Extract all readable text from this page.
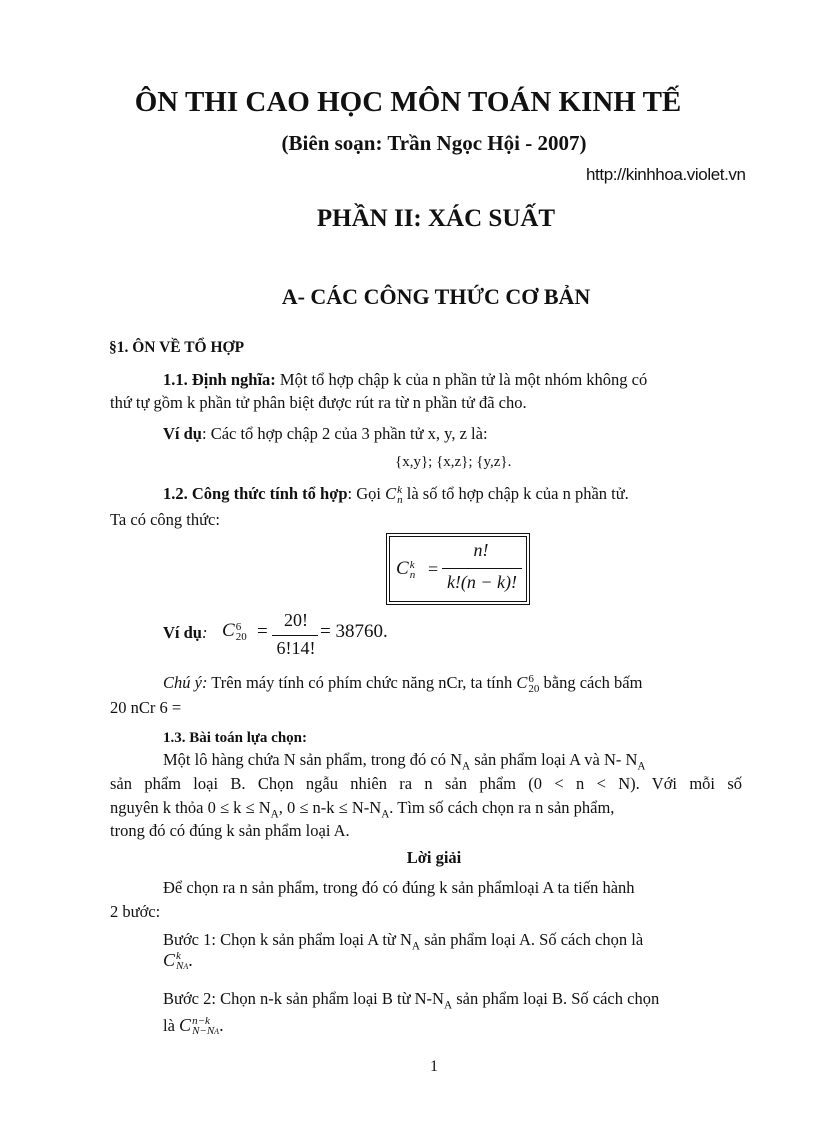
ÔN THI CAO HỌC MÔN TOÁN KINH TẾ
(Biên soạn: Trần Ngọc Hội - 2007)
http://kinhhoa.violet.vn
PHẦN II: XÁC SUẤT
A- CÁC CÔNG THỨC CƠ BẢN
§1. ÔN VỀ TỔ HỢP
1.1. Định nghĩa: Một tổ hợp chập k của n phần tử là một nhóm không có
thứ tự gồm k phần tử phân biệt được rút ra từ n phần tử đã cho.
Ví dụ: Các tổ hợp chập 2 của 3 phần tử x, y, z là:
{x,y}; {x,z}; {y,z}.
1.2. Công thức tính tổ hợp: Gọi C k
n là số tổ hợp chập k của n phần tử.
Ta có công thức:
C k
n =
n!
k!(n − k)!
Ví dụ: C 6
20 =
20!
6!14!
= 38760.
Chú ý: Trên máy tính có phím chức năng nCr, ta tính C 6
20 bằng cách bấm
20 nCr 6 =
1.3. Bài toán lựa chọn:
Một lô hàng chứa N sản phẩm, trong đó có $N_A$ sản phẩm loại A và N- $N_A$
sản phẩm loại B. Chọn ngẫu nhiên ra n sản phẩm (0 < n < N). Với mỗi số
nguyên k thỏa $0 \le k \le N_A$, $0 \le n-k \le N-N_A$. Tìm số cách chọn ra n sản phẩm,
trong đó có đúng k sản phẩm loại A.
Lời giải
Để chọn ra n sản phẩm, trong đó có đúng k sản phẩmloại A ta tiến hành
2 bước:
Bước 1: Chọn k sản phẩm loại A từ $N_A$ sản phẩm loại A. Số cách chọn là
C k
NA .
Bước 2: Chọn n-k sản phẩm loại B từ $N-N_A$ sản phẩm loại B. Số cách chọn
là C n−k
N−NA .
1
